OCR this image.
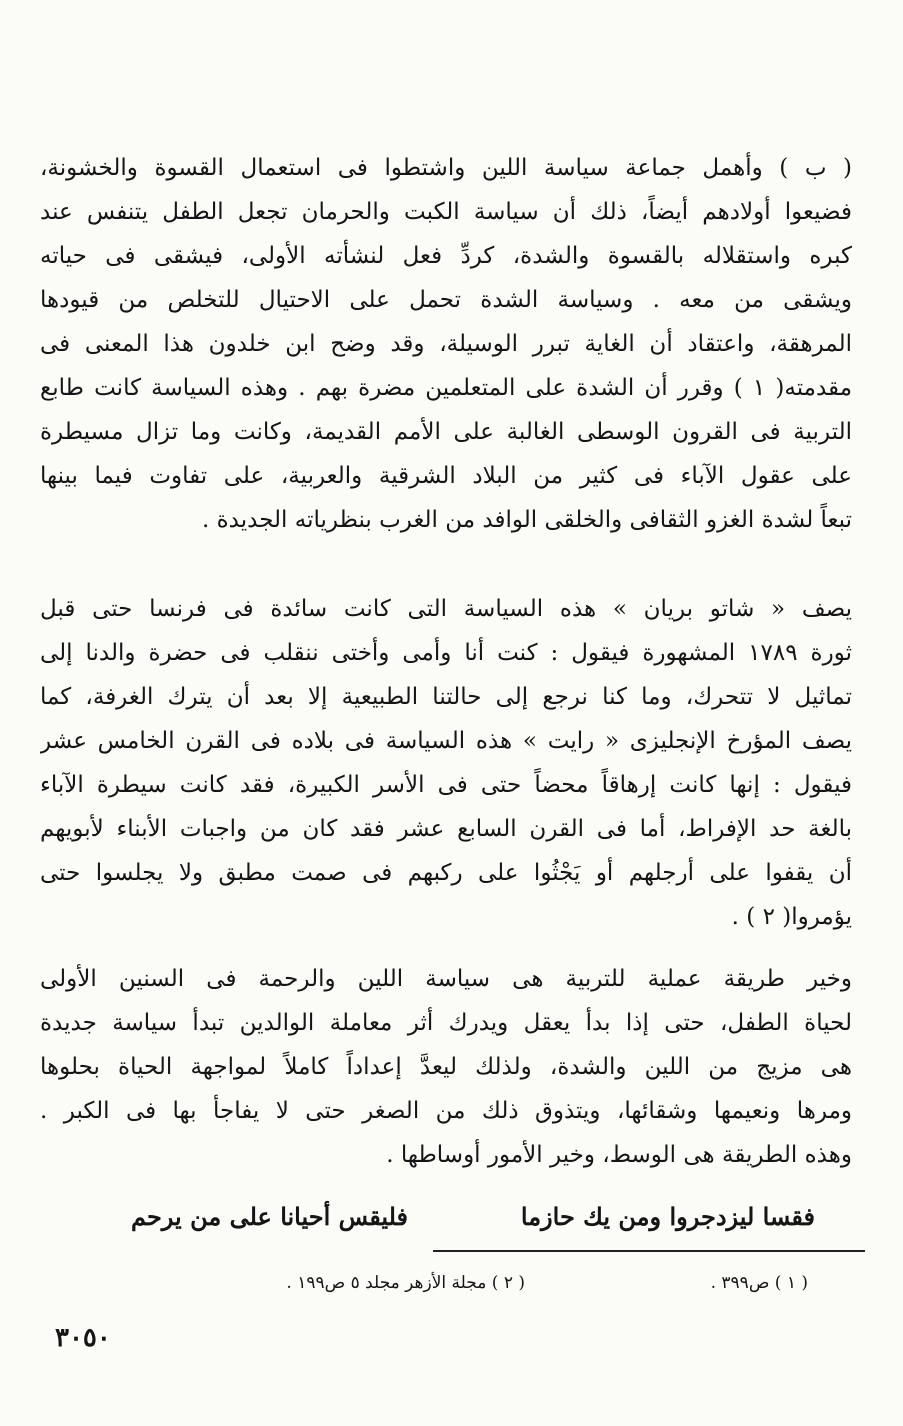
( ب ) وأهمل جماعة سياسة اللين واشتطوا فى استعمال القسوة والخشونة،
فضيعوا أولادهم أيضاً، ذلك أن سياسة الكبت والحرمان تجعل الطفل يتنفس عند
كبره واستقلاله بالقسوة والشدة، كردِّ فعل لنشأته الأولى، فيشقى فى حياته
ويشقى من معه . وسياسة الشدة تحمل على الاحتيال للتخلص من قيودها
المرهقة، واعتقاد أن الغاية تبرر الوسيلة، وقد وضح ابن خلدون هذا المعنى فى
مقدمته( ١ ) وقرر أن الشدة على المتعلمين مضرة بهم . وهذه السياسة كانت طابع
التربية فى القرون الوسطى الغالبة على الأمم القديمة، وكانت وما تزال مسيطرة
على عقول الآباء فى كثير من البلاد الشرقية والعربية، على تفاوت فيما بينها
تبعاً لشدة الغزو الثقافى والخلقى الوافد من الغرب بنظرياته الجديدة .
يصف « شاتو بريان » هذه السياسة التى كانت سائدة فى فرنسا حتى قبل
ثورة ١٧٨٩ المشهورة فيقول : كنت أنا وأمى وأختى ننقلب فى حضرة والدنا إلى
تماثيل لا تتحرك، وما كنا نرجع إلى حالتنا الطبيعية إلا بعد أن يترك الغرفة، كما
يصف المؤرخ الإنجليزى « رايت » هذه السياسة فى بلاده فى القرن الخامس عشر
فيقول : إنها كانت إرهاقاً محضاً حتى فى الأسر الكبيرة، فقد كانت سيطرة الآباء
بالغة حد الإفراط، أما فى القرن السابع عشر فقد كان من واجبات الأبناء لأبويهم
أن يقفوا على أرجلهم أو يَجْثُوا على ركبهم فى صمت مطبق ولا يجلسوا حتى
يؤمروا( ٢ ) .
وخير طريقة عملية للتربية هى سياسة اللين والرحمة فى السنين الأولى
لحياة الطفل، حتى إذا بدأ يعقل ويدرك أثر معاملة الوالدين تبدأ سياسة جديدة
هى مزيج من اللين والشدة، ولذلك ليعدَّ إعداداً كاملاً لمواجهة الحياة بحلوها
ومرها ونعيمها وشقائها، ويتذوق ذلك من الصغر حتى لا يفاجأ بها فى الكبر .
وهذه الطريقة هى الوسط، وخير الأمور أوساطها .
فقسا ليزدجروا ومن يك حازما
فليقس أحيانا على من يرحم
( ١ ) ص٣٩٩ .
( ٢ ) مجلة الأزهر مجلد ٥ ص١٩٩ .
٣٠٥٠
